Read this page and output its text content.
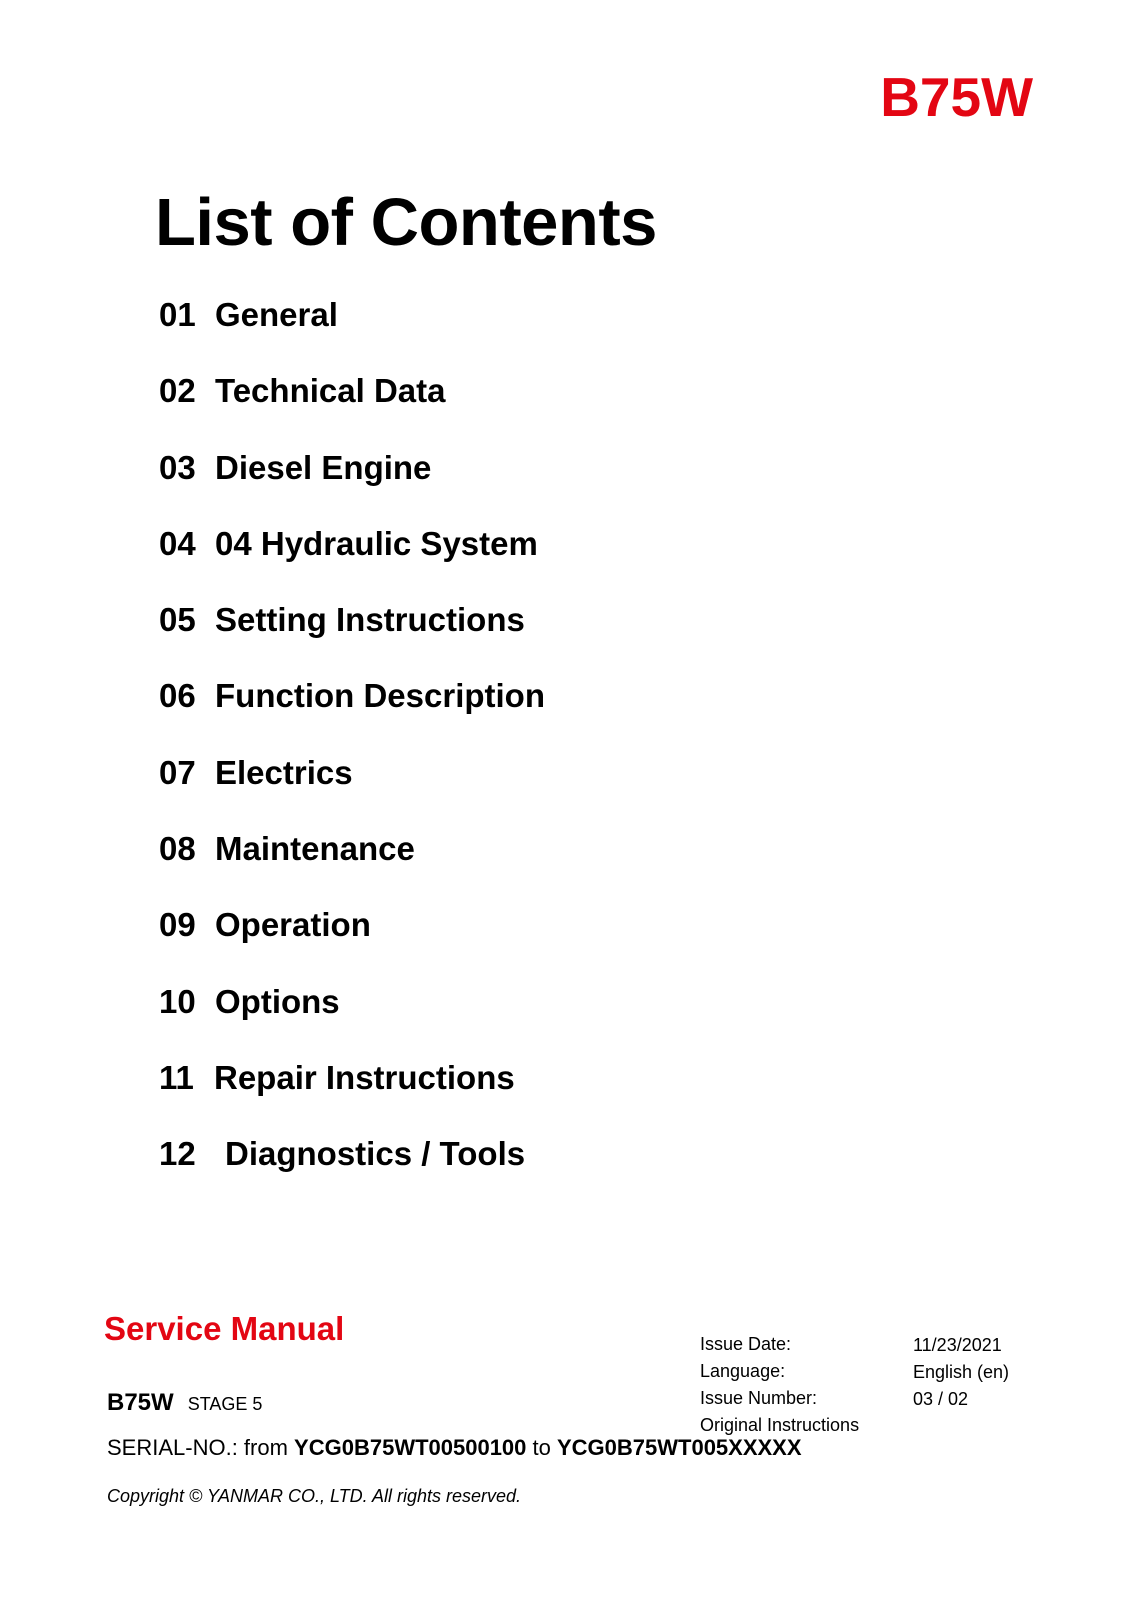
B75W
List of Contents
01 General
02 Technical Data
03 Diesel Engine
04 04 Hydraulic System
05 Setting Instructions
06 Function Description
07 Electrics
08 Maintenance
09 Operation
10 Options
11 Repair Instructions
12 Diagnostics / Tools
Service Manual	Issue Date:
Language:
Issue Number:
Original Instructions
11/23/2021
English (en)
03 / 02
B75W STAGE 5
SERIAL-NO.: from YCG0B75WT00500100 to YCG0B75WT005XXXXX
Copyright © YANMAR CO., LTD. All rights reserved.
